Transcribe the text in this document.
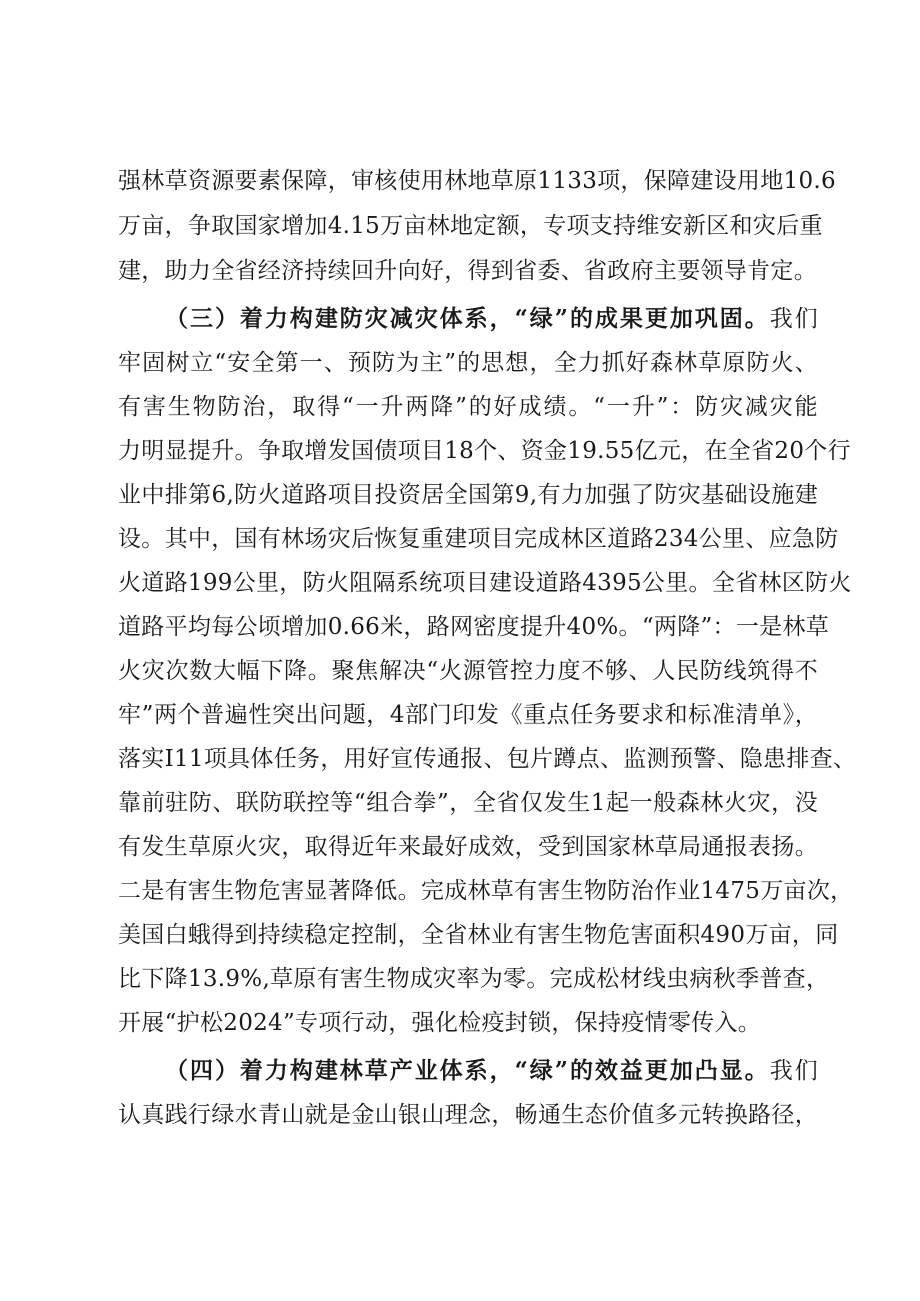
强林草资源要素保障，审核使用林地草原1133项，保障建设用地10.6
万亩，争取国家增加4.15万亩林地定额，专项支持维安新区和灾后重
建，助力全省经济持续回升向好，得到省委、省政府主要领导肯定。
（三）着力构建防灾减灾体系，“绿”的成果更加巩固。我们
牢固树立“安全第一、预防为主”的思想，全力抓好森林草原防火、
有害生物防治，取得“一升两降”的好成绩。“一升”：防灾减灾能
力明显提升。争取增发国债项目18个、资金19.55亿元，在全省20个行
业中排第6,防火道路项目投资居全国第9,有力加强了防灾基础设施建
设。其中，国有林场灾后恢复重建项目完成林区道路234公里、应急防
火道路199公里，防火阻隔系统项目建设道路4395公里。全省林区防火
道路平均每公顷增加0.66米，路网密度提升40%。“两降”：一是林草
火灾次数大幅下降。聚焦解决“火源管控力度不够、人民防线筑得不
牢”两个普遍性突出问题，4部门印发《重点任务要求和标准清单》，
落实I11项具体任务，用好宣传通报、包片蹲点、监测预警、隐患排查、
靠前驻防、联防联控等“组合拳”，全省仅发生1起一般森林火灾，没
有发生草原火灾，取得近年来最好成效，受到国家林草局通报表扬。
二是有害生物危害显著降低。完成林草有害生物防治作业1475万亩次，
美国白蛾得到持续稳定控制，全省林业有害生物危害面积490万亩，同
比下降13.9%,草原有害生物成灾率为零。完成松材线虫病秋季普查，
开展“护松2024”专项行动，强化检疫封锁，保持疫情零传入。
（四）着力构建林草产业体系，“绿”的效益更加凸显。我们
认真践行绿水青山就是金山银山理念，畅通生态价值多元转换路径，
